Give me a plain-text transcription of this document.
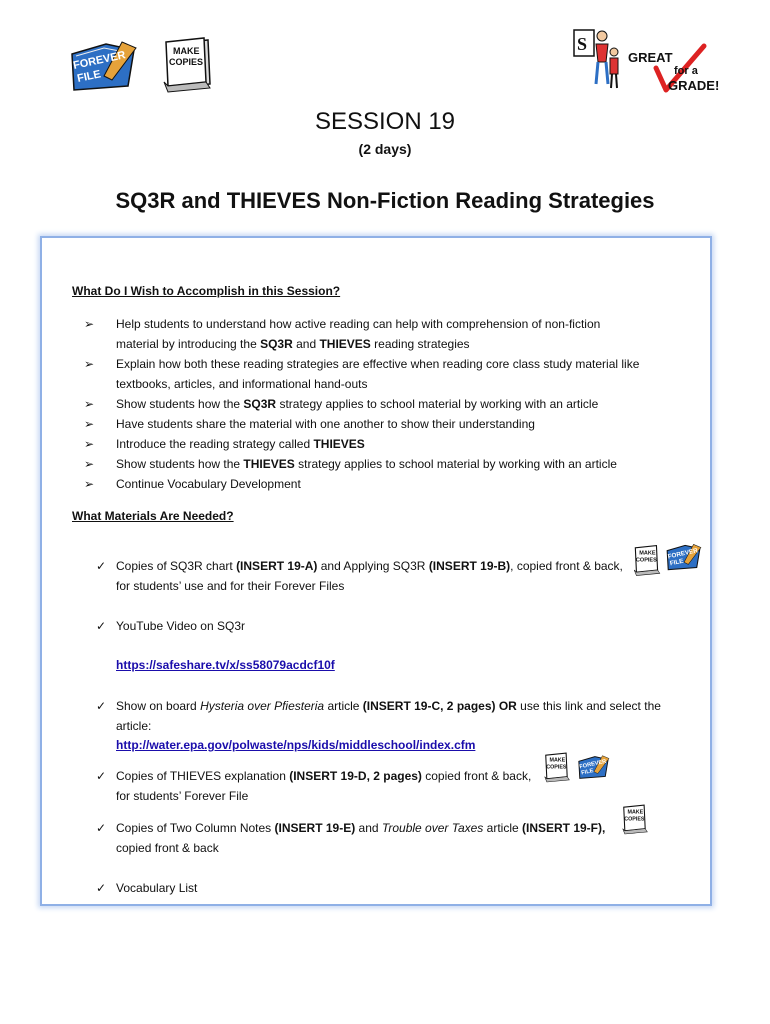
FOREVER
FILE
MAKE
COPIES
S
GREAT
for a
GRADE!
SESSION 19
(2 days)
SQ3R and THIEVES Non-Fiction Reading Strategies
What Do I Wish to Accomplish in this Session?
➢ Help students to understand how active reading can help with comprehension of non-fiction
material by introducing the SQ3R and THIEVES reading strategies
➢ Explain how both these reading strategies are effective when reading core class study material like
textbooks, articles, and informational hand-outs
➢ Show students how the SQ3R strategy applies to school material by working with an article
➢ Have students share the material with one another to show their understanding
➢ Introduce the reading strategy called THIEVES
➢ Show students how the THIEVES strategy applies to school material by working with an article
➢ Continue Vocabulary Development
What Materials Are Needed?
✓ Copies of SQ3R chart (INSERT 19-A) and Applying SQ3R (INSERT 19-B), copied front & back,
for students’ use and for their Forever Files
MAKE
COPIES
FOREVER
FILE
✓ YouTube Video on SQ3r
https://safeshare.tv/x/ss58079acdcf10f
✓ Show on board Hysteria over Pfiesteria article (INSERT 19-C, 2 pages) OR use this link and select the
article:
http://water.epa.gov/polwaste/nps/kids/middleschool/index.cfm
✓ Copies of THIEVES explanation (INSERT 19-D, 2 pages) copied front & back,
for students’ Forever File
MAKE
COPIES FOREVER
FILE
✓ Copies of Two Column Notes (INSERT 19-E) and Trouble over Taxes article (INSERT 19-F),
copied front & back
MAKE
COPIES
✓ Vocabulary List
